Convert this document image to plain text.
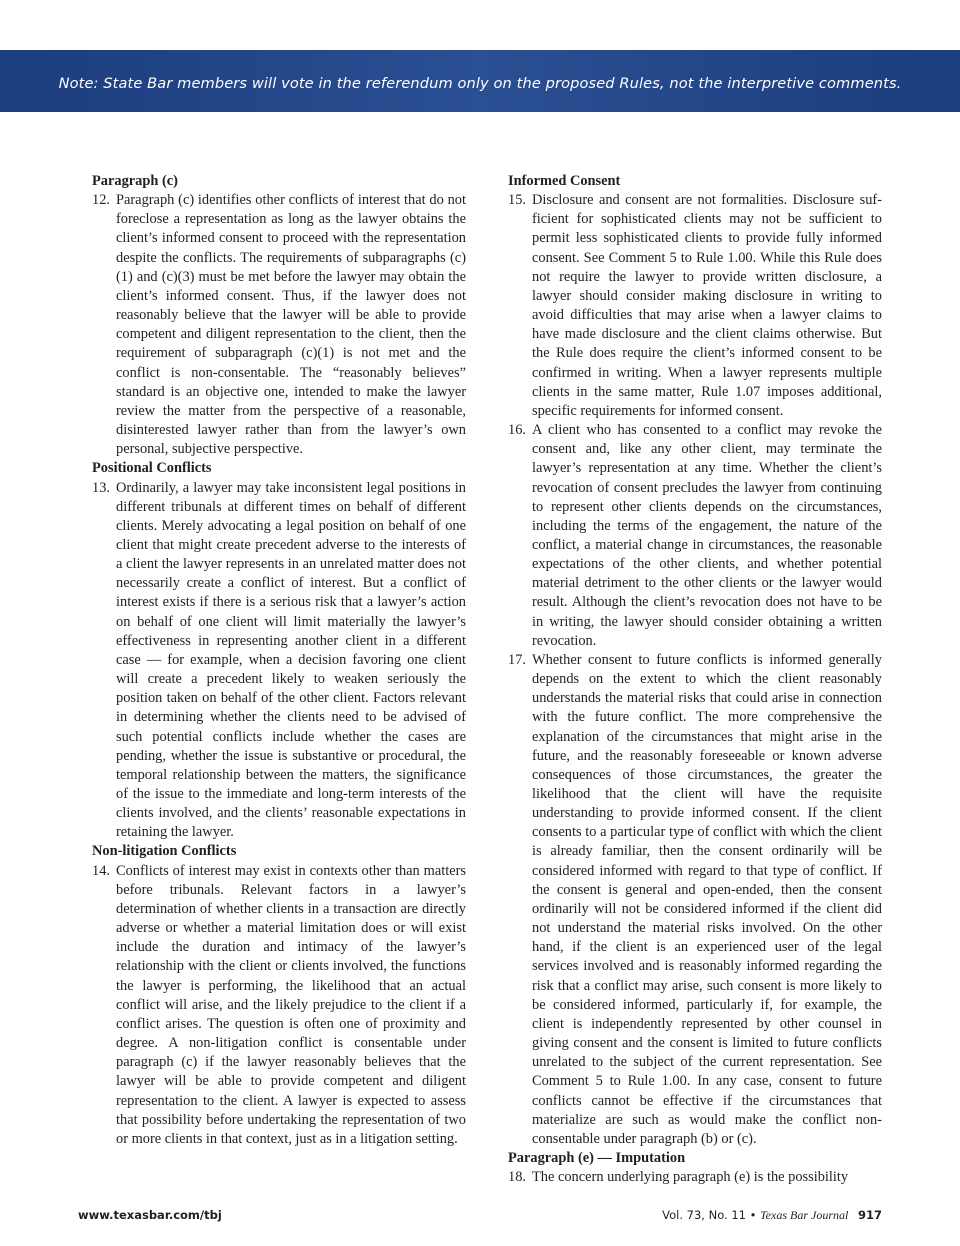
Note: State Bar members will vote in the referendum only on the proposed Rules, not the interpretive comments.
Paragraph (c)
12. Paragraph (c) identifies other conflicts of interest that do not foreclose a representation as long as the lawyer obtains the client’s informed consent to proceed with the representation despite the conflicts. The requirements of subparagraphs (c)(1) and (c)(3) must be met before the lawyer may obtain the client’s informed consent. Thus, if the lawyer does not reasonably believe that the lawyer will be able to provide competent and diligent representation to the client, then the requirement of subparagraph (c)(1) is not met and the conflict is non-consentable. The “reasonably believes” standard is an objective one, intended to make the lawyer review the matter from the perspective of a reasonable, disinterested lawyer rather than from the lawyer’s own personal, subjective perspective.
Positional Conflicts
13. Ordinarily, a lawyer may take inconsistent legal positions in different tribunals at different times on behalf of different clients. Merely advocating a legal position on behalf of one client that might create precedent adverse to the interests of a client the lawyer represents in an unrelated matter does not necessarily create a conflict of interest. But a conflict of interest exists if there is a serious risk that a lawyer’s action on behalf of one client will limit materially the lawyer’s effectiveness in representing another client in a different case — for example, when a decision favoring one client will create a precedent likely to weaken seriously the position taken on behalf of the other client. Factors relevant in determining whether the clients need to be advised of such potential conflicts include whether the cases are pending, whether the issue is substantive or procedural, the temporal relationship between the matters, the significance of the issue to the immediate and long-term interests of the clients involved, and the clients’ reasonable expectations in retaining the lawyer.
Non-litigation Conflicts
14. Conflicts of interest may exist in contexts other than matters before tribunals. Relevant factors in a lawyer’s determination of whether clients in a transaction are directly adverse or whether a material limitation does or will exist include the duration and intimacy of the lawyer’s relationship with the client or clients involved, the functions the lawyer is performing, the likelihood that an actual conflict will arise, and the likely prejudice to the client if a conflict arises. The question is often one of proximity and degree. A non-litigation conflict is consentable under paragraph (c) if the lawyer reasonably believes that the lawyer will be able to provide competent and diligent representation to the client. A lawyer is expected to assess that possibility before undertaking the representation of two or more clients in that context, just as in a litigation setting.
Informed Consent
15. Disclosure and consent are not formalities. Disclosure sufficient for sophisticated clients may not be sufficient to permit less sophisticated clients to provide fully informed consent. See Comment 5 to Rule 1.00. While this Rule does not require the lawyer to provide written disclosure, a lawyer should consider making disclosure in writing to avoid difficulties that may arise when a lawyer claims to have made disclosure and the client claims otherwise. But the Rule does require the client’s informed consent to be confirmed in writing. When a lawyer represents multiple clients in the same matter, Rule 1.07 imposes additional, specific requirements for informed consent.
16. A client who has consented to a conflict may revoke the consent and, like any other client, may terminate the lawyer’s representation at any time. Whether the client’s revocation of consent precludes the lawyer from continuing to represent other clients depends on the circumstances, including the terms of the engagement, the nature of the conflict, a material change in circumstances, the reasonable expectations of the other clients, and whether potential material detriment to the other clients or the lawyer would result. Although the client’s revocation does not have to be in writing, the lawyer should consider obtaining a written revocation.
17. Whether consent to future conflicts is informed generally depends on the extent to which the client reasonably understands the material risks that could arise in connection with the future conflict. The more comprehensive the explanation of the circumstances that might arise in the future, and the reasonably foreseeable or known adverse consequences of those circumstances, the greater the likelihood that the client will have the requisite understanding to provide informed consent. If the client consents to a particular type of conflict with which the client is already familiar, then the consent ordinarily will be considered informed with regard to that type of conflict. If the consent is general and open-ended, then the consent ordinarily will not be considered informed if the client did not understand the material risks involved. On the other hand, if the client is an experienced user of the legal services involved and is reasonably informed regarding the risk that a conflict may arise, such consent is more likely to be considered informed, particularly if, for example, the client is independently represented by other counsel in giving consent and the consent is limited to future conflicts unrelated to the subject of the current representation. See Comment 5 to Rule 1.00. In any case, consent to future conflicts cannot be effective if the circumstances that materialize are such as would make the conflict non-consentable under paragraph (b) or (c).
Paragraph (e) — Imputation
18. The concern underlying paragraph (e) is the possibility
www.texasbar.com/tbj	Vol. 73, No. 11 • Texas Bar Journal 917
